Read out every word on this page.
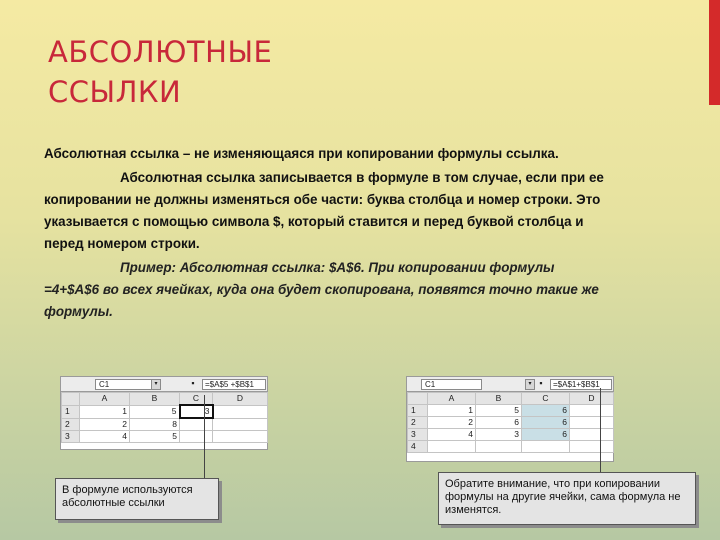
АБСОЛЮТНЫЕ
ССЫЛКИ

Абсолютная ссылка – не изменяющаяся при копировании формулы ссылка.

Абсолютная ссылка записывается в формуле в том случае, если при ее копировании не должны изменяться обе части: буква столбца и номер строки. Это указывается с помощью символа $, который ставится и перед буквой столбца и перед номером строки.

Пример: Абсолютная ссылка: $A$6. При копировании формулы =4+$A$6 во всех ячейках, куда она будет скопирована, появятся точно такие же формулы.

C1	▾	▪	=$A$5 +$B$1
	A	B	C	D
1	1	5	3	
2	2	8		
3	4	5		
C1	▾ ▪	=$A$1+$B$1
	A	B	C	D
1	1	5	6	
2	2	6	6	
3	4	3	6	
4				
В формуле используются абсолютные ссылки
Обратите внимание, что при копировании формулы на другие ячейки, сама формула не изменятся.
